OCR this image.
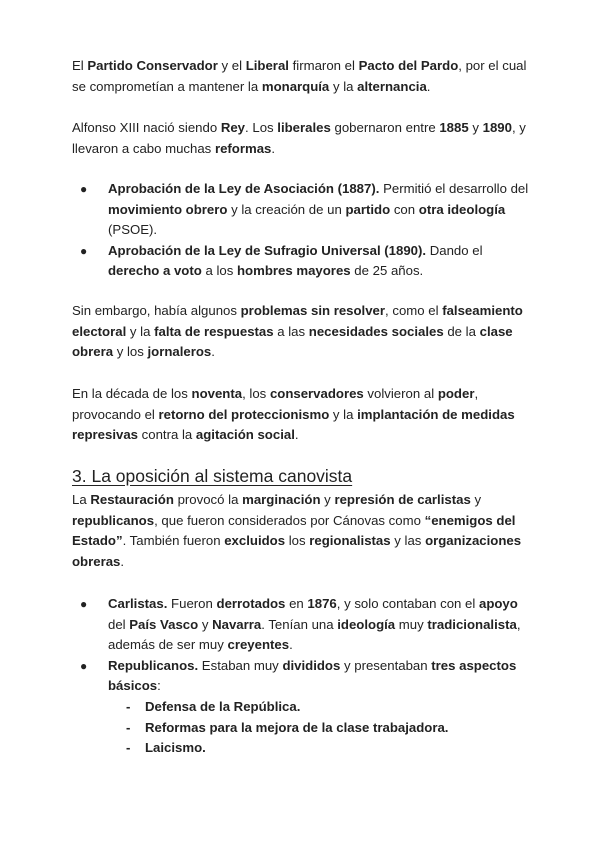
El Partido Conservador y el Liberal firmaron el Pacto del Pardo, por el cual se comprometían a mantener la monarquía y la alternancia.

Alfonso XIII nació siendo Rey. Los liberales gobernaron entre 1885 y 1890, y llevaron a cabo muchas reformas.

● Aprobación de la Ley de Asociación (1887). Permitió el desarrollo del movimiento obrero y la creación de un partido con otra ideología (PSOE).
● Aprobación de la Ley de Sufragio Universal (1890). Dando el derecho a voto a los hombres mayores de 25 años.

Sin embargo, había algunos problemas sin resolver, como el falseamiento electoral y la falta de respuestas a las necesidades sociales de la clase obrera y los jornaleros.

En la década de los noventa, los conservadores volvieron al poder, provocando el retorno del proteccionismo y la implantación de medidas represivas contra la agitación social.

3. La oposición al sistema canovista

La Restauración provocó la marginación y represión de carlistas y republicanos, que fueron considerados por Cánovas como “enemigos del Estado”. También fueron excluidos los regionalistas y las organizaciones obreras.

● Carlistas. Fueron derrotados en 1876, y solo contaban con el apoyo del País Vasco y Navarra. Tenían una ideología muy tradicionalista, además de ser muy creyentes.
● Republicanos. Estaban muy divididos y presentaban tres aspectos básicos:
- Defensa de la República.
- Reformas para la mejora de la clase trabajadora.
- Laicismo.
